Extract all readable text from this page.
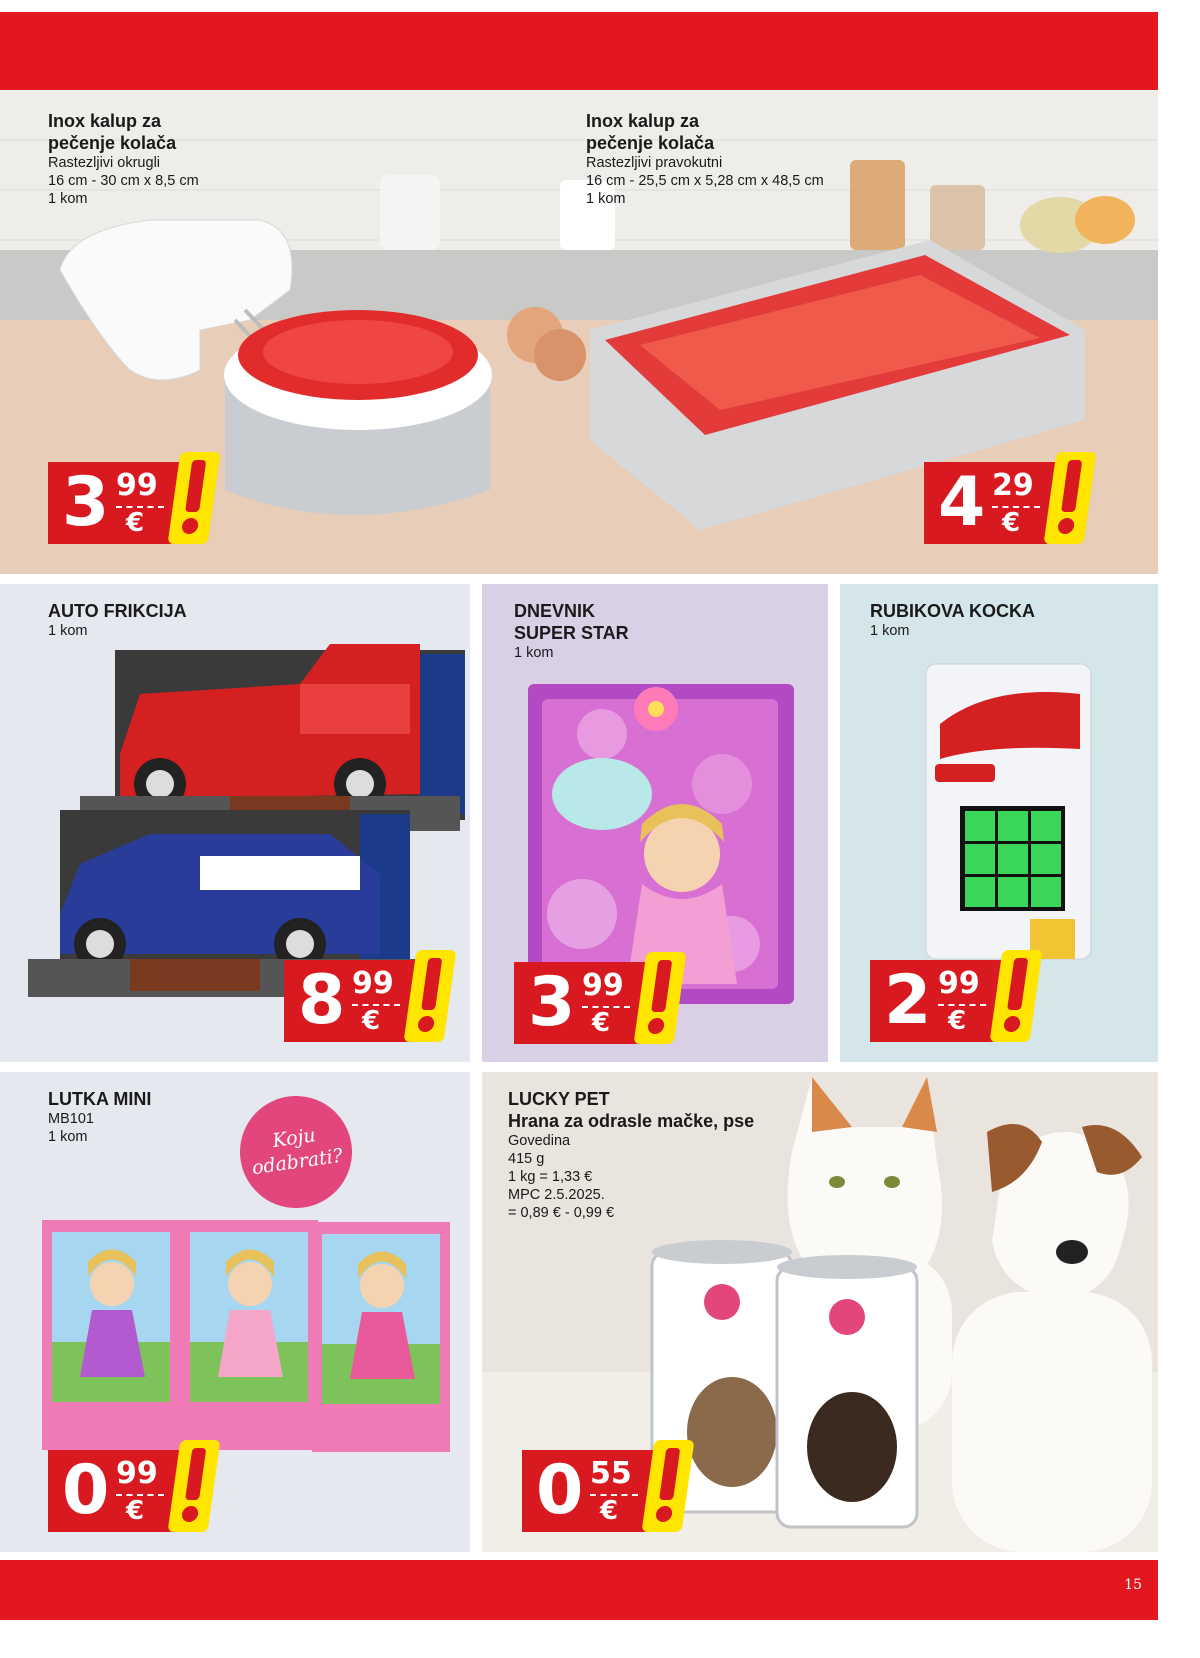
Inox kalup za
pečenje kolača
Rastezljivi okrugli
16 cm - 30 cm x 8,5 cm
1 kom
Inox kalup za
pečenje kolača
Rastezljivi pravokutni
16 cm - 25,5 cm x 5,28 cm x 48,5 cm
1 kom
3 99
€	4 29
€
AUTO FRIKCIJA
1 kom
8 99
€
DNEVNIK
SUPER STAR
1 kom
3 99
€
RUBIKOVA KOCKA
1 kom
2 99
€
LUTKA MINI
MB101
1 kom	Koju
odabrati?
0 99
€
LUCKY PET
Hrana za odrasle mačke, pse
Govedina
415 g
1 kg = 1,33 €
MPC 2.5.2025.
= 0,89 € - 0,99 €
0 55
€
15
